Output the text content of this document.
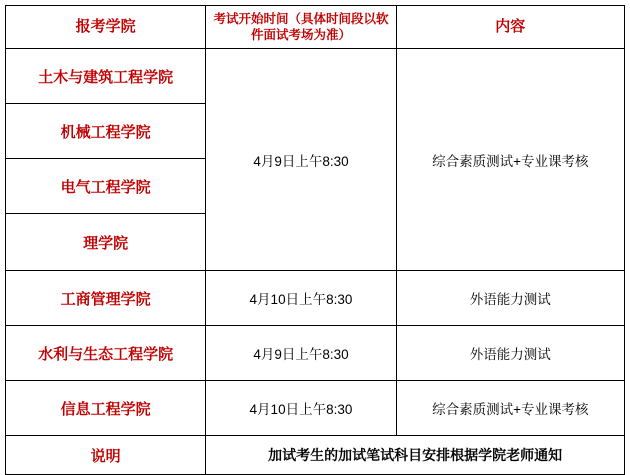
报考学院	考试开始时间（具体时间段以软件面试考场为准）	内容
土木与建筑工程学院	4月9日上午8:30	综合素质测试+专业课考核
机械工程学院		
电气工程学院		
理学院		
工商管理学院	4月10日上午8:30	外语能力测试
水利与生态工程学院	4月9日上午8:30	外语能力测试
信息工程学院	4月10日上午8:30	综合素质测试+专业课考核
说明	加试考生的加试笔试科目安排根据学院老师通知	
